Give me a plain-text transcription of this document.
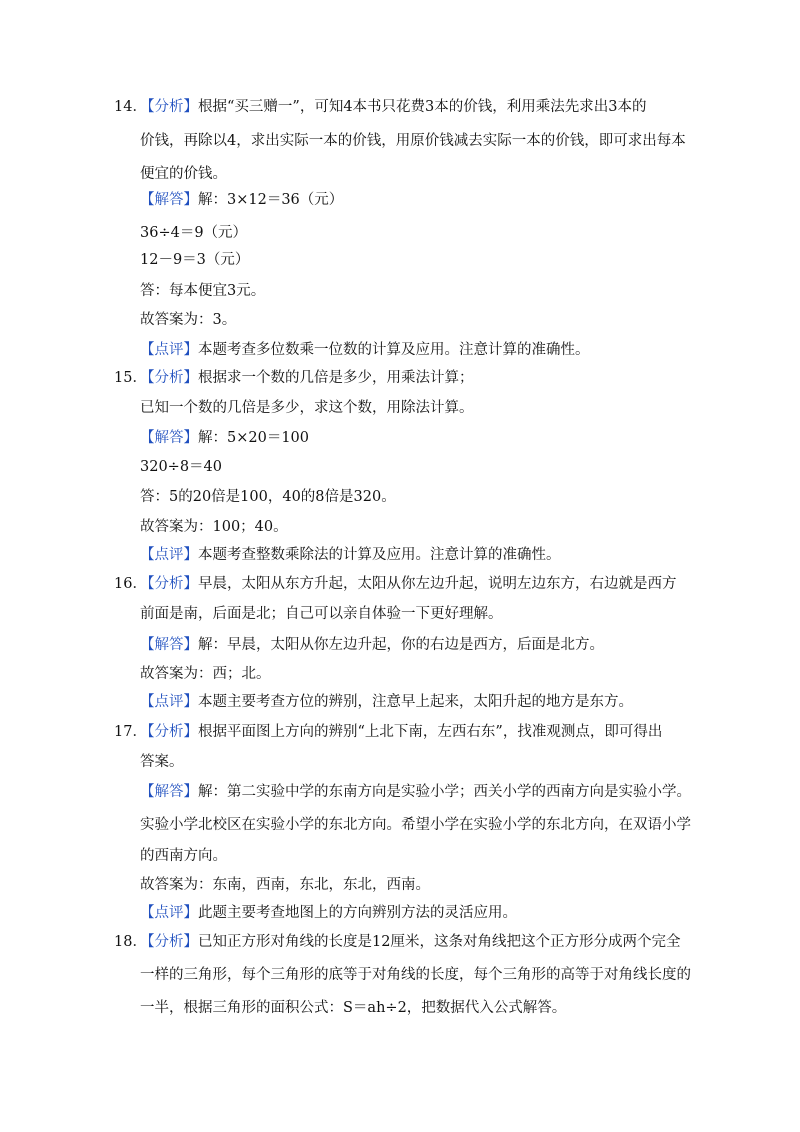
14．【分析】根据“买三赠一”，可知4本书只花费3本的价钱，利用乘法先求出3本的
价钱，再除以4，求出实际一本的价钱，用原价钱减去实际一本的价钱，即可求出每本
便宜的价钱。
【解答】解：3×12＝36（元）
36÷4＝9（元）
12－9＝3（元）
答：每本便宜3元。
故答案为：3。
【点评】本题考查多位数乘一位数的计算及应用。注意计算的准确性。
15．【分析】根据求一个数的几倍是多少，用乘法计算；
已知一个数的几倍是多少，求这个数，用除法计算。
【解答】解：5×20＝100
320÷8＝40
答：5的20倍是100，40的8倍是320。
故答案为：100；40。
【点评】本题考查整数乘除法的计算及应用。注意计算的准确性。
16．【分析】早晨，太阳从东方升起，太阳从你左边升起，说明左边东方，右边就是西方
前面是南，后面是北；自己可以亲自体验一下更好理解。
【解答】解：早晨，太阳从你左边升起，你的右边是西方，后面是北方。
故答案为：西；北。
【点评】本题主要考查方位的辨别，注意早上起来，太阳升起的地方是东方。
17．【分析】根据平面图上方向的辨别“上北下南，左西右东”，找准观测点，即可得出
答案。
【解答】解：第二实验中学的东南方向是实验小学；西关小学的西南方向是实验小学。
实验小学北校区在实验小学的东北方向。希望小学在实验小学的东北方向，在双语小学
的西南方向。
故答案为：东南，西南，东北，东北，西南。
【点评】此题主要考查地图上的方向辨别方法的灵活应用。
18．【分析】已知正方形对角线的长度是12厘米，这条对角线把这个正方形分成两个完全
一样的三角形，每个三角形的底等于对角线的长度，每个三角形的高等于对角线长度的
一半，根据三角形的面积公式：S＝ah÷2，把数据代入公式解答。
